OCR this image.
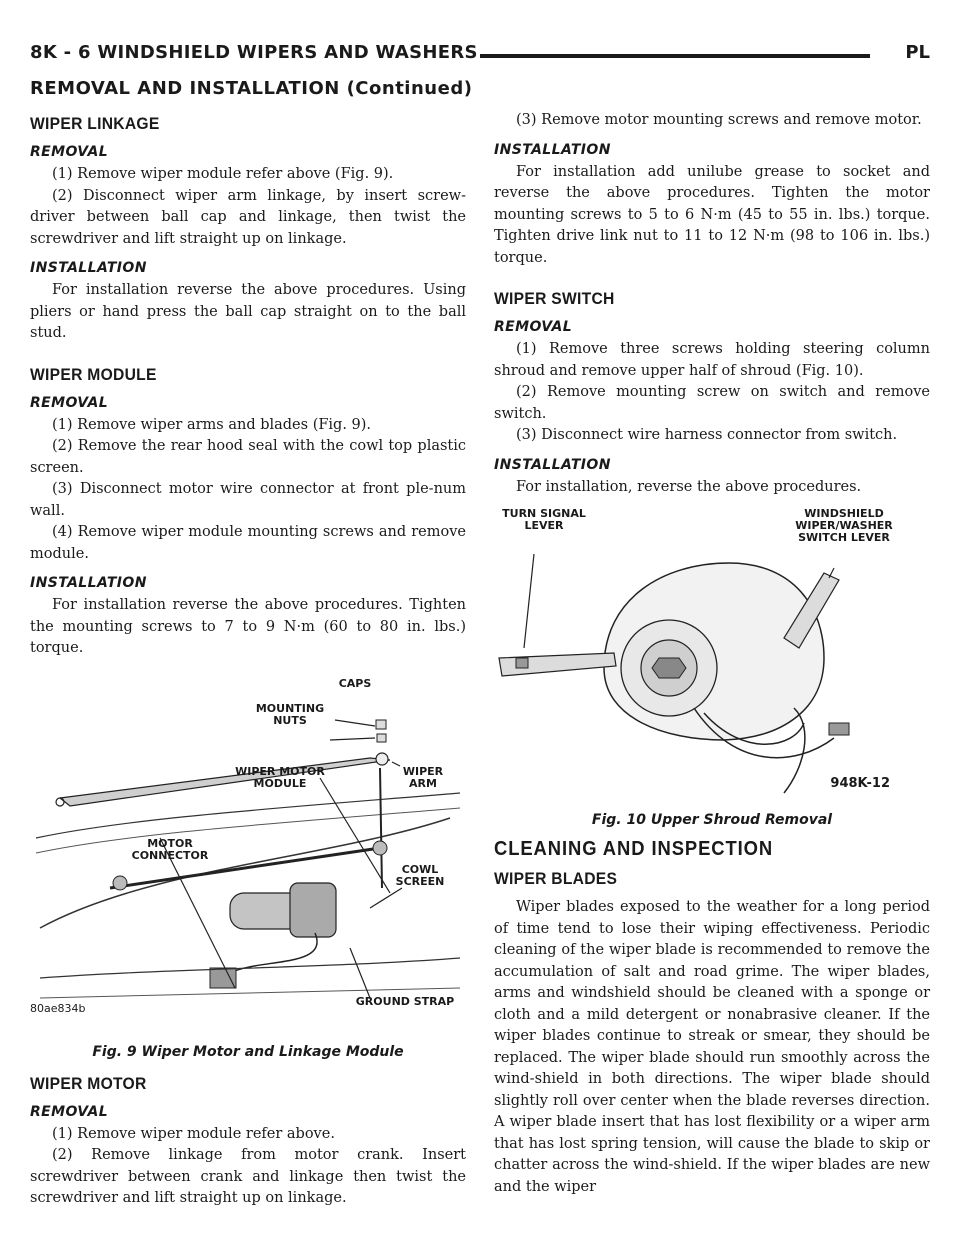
8K - 6 WINDSHIELD WIPERS AND WASHERS	PL
REMOVAL AND INSTALLATION (Continued)
WIPER LINKAGE
REMOVAL

(1) Remove wiper module refer above (Fig. 9).

(2) Disconnect wiper arm linkage, by insert screw-driver between ball cap and linkage, then twist the screwdriver and lift straight up on linkage.

INSTALLATION

For installation reverse the above procedures. Using pliers or hand press the ball cap straight on to the ball stud.

WIPER MODULE
REMOVAL

(1) Remove wiper arms and blades (Fig. 9).

(2) Remove the rear hood seal with the cowl top plastic screen.

(3) Disconnect motor wire connector at front ple-num wall.

(4) Remove wiper module mounting screws and remove module.

INSTALLATION

For installation reverse the above procedures. Tighten the mounting screws to 7 to 9 N·m (60 to 80 in. lbs.) torque.

CAPS
MOUNTING NUTS
WIPER MOTOR MODULE
WIPER ARM
MOTOR CONNECTOR
COWL SCREEN
GROUND STRAP
80ae834b
Fig. 9 Wiper Motor and Linkage Module
WIPER MOTOR
REMOVAL

(1) Remove wiper module refer above.

(2) Remove linkage from motor crank. Insert screwdriver between crank and linkage then twist the screwdriver and lift straight up on linkage.

(3) Remove motor mounting screws and remove motor.

INSTALLATION

For installation add unilube grease to socket and reverse the above procedures. Tighten the motor mounting screws to 5 to 6 N·m (45 to 55 in. lbs.) torque. Tighten drive link nut to 11 to 12 N·m (98 to 106 in. lbs.) torque.

WIPER SWITCH
REMOVAL

(1) Remove three screws holding steering column shroud and remove upper half of shroud (Fig. 10).

(2) Remove mounting screw on switch and remove switch.

(3) Disconnect wire harness connector from switch.

INSTALLATION

For installation, reverse the above procedures.

TURN SIGNAL LEVER
WINDSHIELD WIPER/WASHER SWITCH LEVER
948K-12
Fig. 10 Upper Shroud Removal
CLEANING AND INSPECTION
WIPER BLADES

Wiper blades exposed to the weather for a long period of time tend to lose their wiping effectiveness. Periodic cleaning of the wiper blade is recommended to remove the accumulation of salt and road grime. The wiper blades, arms and windshield should be cleaned with a sponge or cloth and a mild detergent or nonabrasive cleaner. If the wiper blades continue to streak or smear, they should be replaced. The wiper blade should run smoothly across the wind-shield in both directions. The wiper blade should slightly roll over center when the blade reverses direction. A wiper blade insert that has lost flexibility or a wiper arm that has lost spring tension, will cause the blade to skip or chatter across the wind-shield. If the wiper blades are new and the wiper
